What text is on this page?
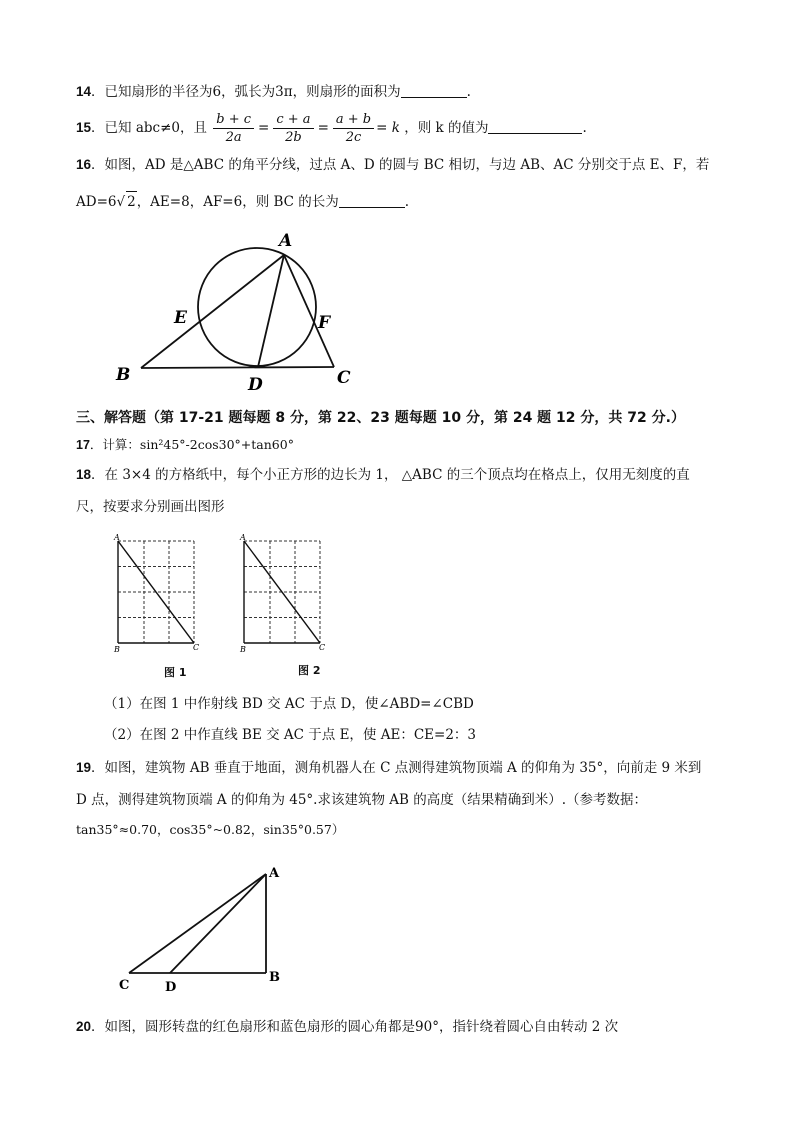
14．已知扇形的半径为6，弧长为3π，则扇形的面积为	.
15．已知 abc≠0，且 $\frac{b + c}{2a} = \frac{c + a}{2b} = \frac{a + b}{2c} = k$ ，则 k 的值为	.
16．如图，AD 是△ABC 的角平分线，过点 A、D 的圆与 BC 相切，与边 AB、AC 分别交于点 E、F，若
AD=6√ 2，AE=8，AF=6，则 BC 的长为	.
A
B	C
D
E	F
三、解答题（第 17-21 题每题 8 分，第 22、23 题每题 10 分，第 24 题 12 分，共 72 分.）
17．计算：sin²45°-2cos30°+tan60°
18．在 3×4 的方格纸中，每个小正方形的边长为 1， △ABC 的三个顶点均在格点上，仅用无刻度的直
尺，按要求分别画出图形
A
B	C
图 1
A
B	C
图 2
（1）在图 1 中作射线 BD 交 AC 于点 D，使∠ABD=∠CBD
（2）在图 2 中作直线 BE 交 AC 于点 E，使 AE：CE=2：3
19．如图，建筑物 AB 垂直于地面，测角机器人在 C 点测得建筑物顶端 A 的仰角为 35°，向前走 9 米到
D 点，测得建筑物顶端 A 的仰角为 45°.求该建筑物 AB 的高度（结果精确到米）.（参考数据：
tan35°≈0.70，cos35°~0.82，sin35°0.57）
A
B
C	D
20．如图，圆形转盘的红色扇形和蓝色扇形的圆心角都是90°，指针绕着圆心自由转动 2 次
